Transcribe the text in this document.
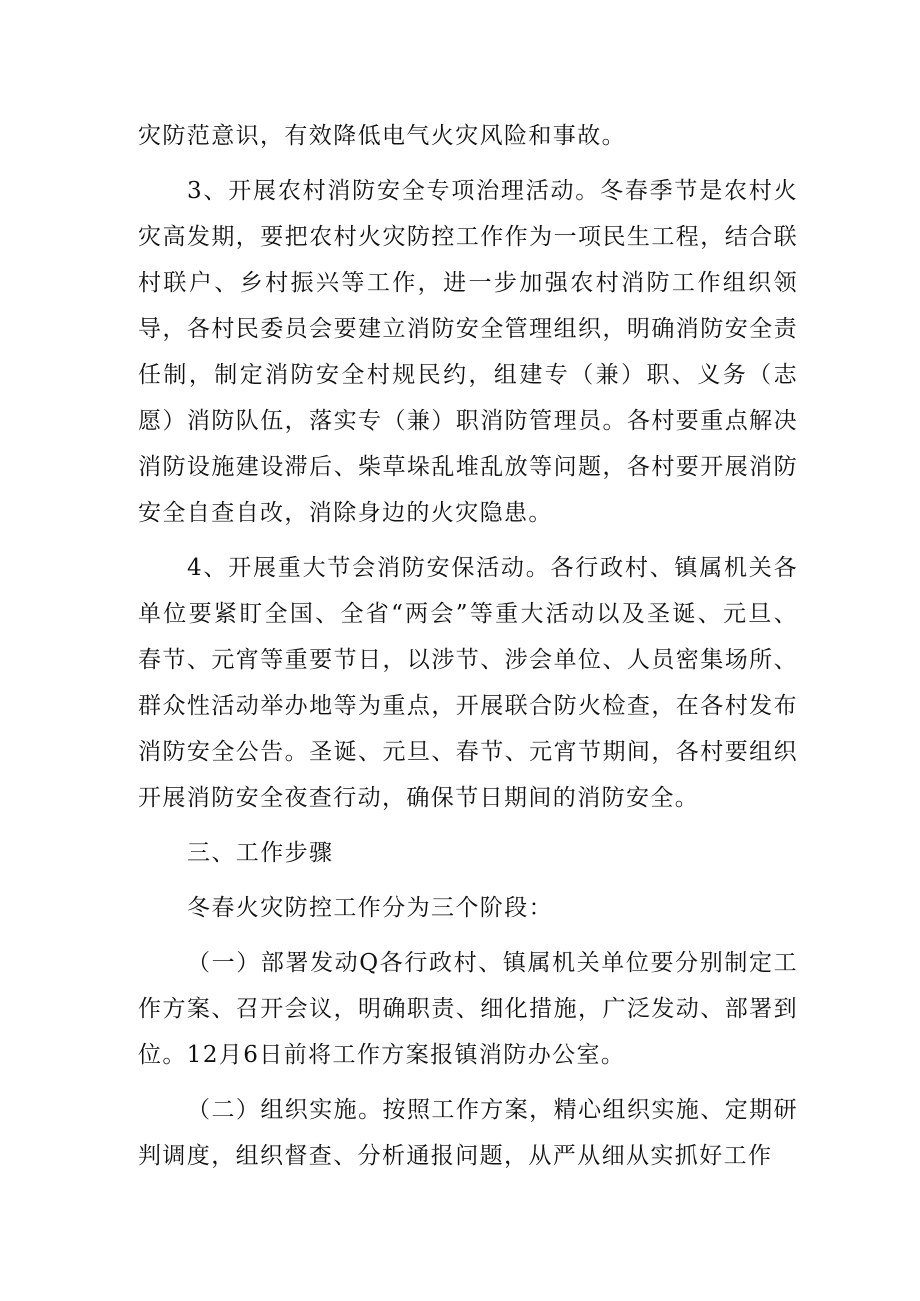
灾防范意识，有效降低电气火灾风险和事故。

3、开展农村消防安全专项治理活动。冬春季节是农村火灾高发期，要把农村火灾防控工作作为一项民生工程，结合联村联户、乡村振兴等工作，进一步加强农村消防工作组织领导，各村民委员会要建立消防安全管理组织，明确消防安全责任制，制定消防安全村规民约，组建专（兼）职、义务（志愿）消防队伍，落实专（兼）职消防管理员。各村要重点解决消防设施建设滞后、柴草垛乱堆乱放等问题，各村要开展消防安全自查自改，消除身边的火灾隐患。

4、开展重大节会消防安保活动。各行政村、镇属机关各单位要紧盯全国、全省“两会”等重大活动以及圣诞、元旦、春节、元宵等重要节日，以涉节、涉会单位、人员密集场所、群众性活动举办地等为重点，开展联合防火检查，在各村发布消防安全公告。圣诞、元旦、春节、元宵节期间，各村要组织开展消防安全夜查行动，确保节日期间的消防安全。

三、工作步骤

冬春火灾防控工作分为三个阶段：

（一）部署发动Q各行政村、镇属机关单位要分别制定工作方案、召开会议，明确职责、细化措施，广泛发动、部署到位。12月6日前将工作方案报镇消防办公室。

（二）组织实施。按照工作方案，精心组织实施、定期研判调度，组织督查、分析通报问题，从严从细从实抓好工作
